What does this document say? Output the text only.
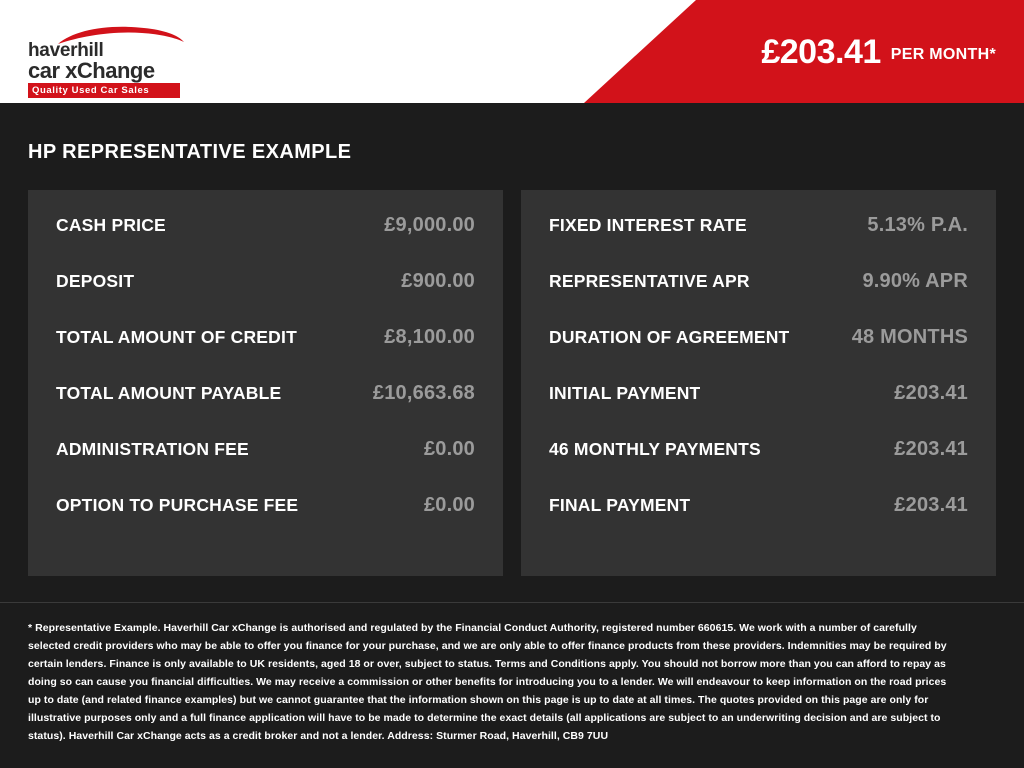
haverhill
car xChange
Quality Used Car Sales
£203.41 PER MONTH*
HP REPRESENTATIVE EXAMPLE
CASH PRICE	£9,000.00
DEPOSIT	£900.00
TOTAL AMOUNT OF CREDIT	£8,100.00
TOTAL AMOUNT PAYABLE	£10,663.68
ADMINISTRATION FEE	£0.00
OPTION TO PURCHASE FEE	£0.00
FIXED INTEREST RATE	5.13% P.A.
REPRESENTATIVE APR	9.90% APR
DURATION OF AGREEMENT	48 MONTHS
INITIAL PAYMENT	£203.41
46 MONTHLY PAYMENTS	£203.41
FINAL PAYMENT	£203.41

* Representative Example. Haverhill Car xChange is authorised and regulated by the Financial Conduct Authority, registered number 660615. We work with a number of carefully selected credit providers who may be able to offer you finance for your purchase, and we are only able to offer finance products from these providers. Indemnities may be required by certain lenders. Finance is only available to UK residents, aged 18 or over, subject to status. Terms and Conditions apply. You should not borrow more than you can afford to repay as doing so can cause you financial difficulties. We may receive a commission or other benefits for introducing you to a lender. We will endeavour to keep information on the road prices up to date (and related finance examples) but we cannot guarantee that the information shown on this page is up to date at all times. The quotes provided on this page are only for illustrative purposes only and a full finance application will have to be made to determine the exact details (all applications are subject to an underwriting decision and are subject to status). Haverhill Car xChange acts as a credit broker and not a lender. Address: Sturmer Road, Haverhill, CB9 7UU
